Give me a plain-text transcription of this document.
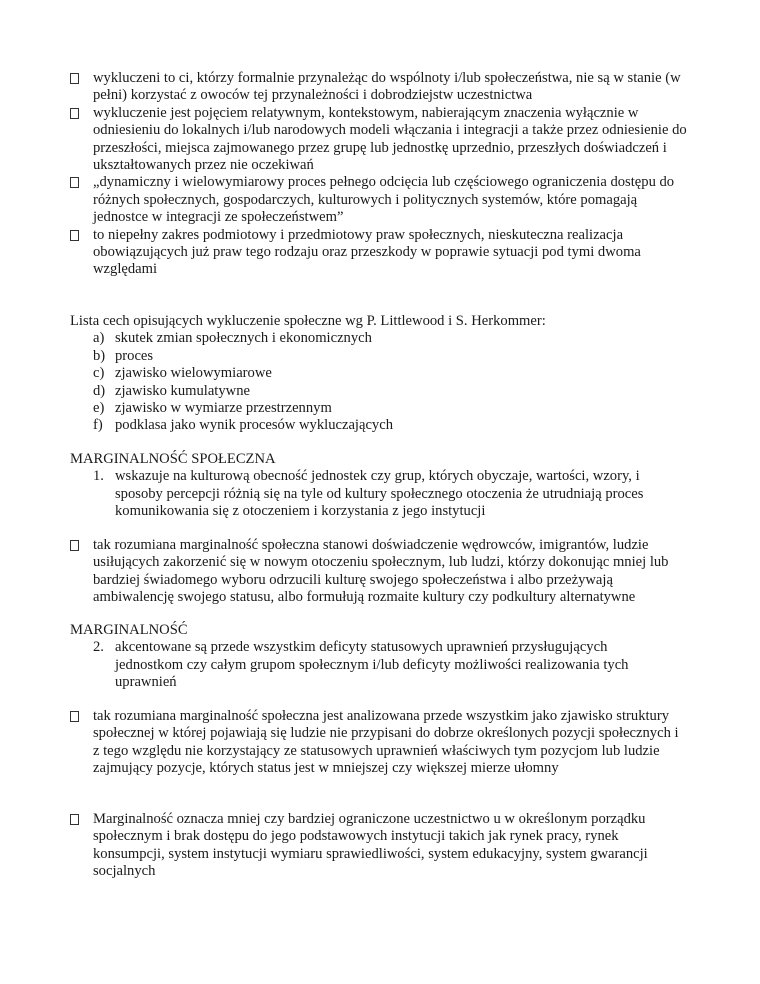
wykluczeni to ci, którzy formalnie przynależąc do wspólnoty i/lub społeczeństwa, nie są w stanie (w pełni) korzystać z owoców tej przynależności i dobrodziejstw uczestnictwa
wykluczenie jest pojęciem relatywnym, kontekstowym, nabierającym znaczenia wyłącznie w odniesieniu do lokalnych i/lub narodowych modeli włączania i integracji a także przez odniesienie do przeszłości, miejsca zajmowanego przez grupę lub jednostkę uprzednio, przeszłych doświadczeń i ukształtowanych przez nie oczekiwań
„dynamiczny i wielowymiarowy proces pełnego odcięcia lub częściowego ograniczenia dostępu do różnych społecznych, gospodarczych, kulturowych i politycznych systemów, które pomagają jednostce w integracji ze społeczeństwem”
to niepełny zakres podmiotowy i przedmiotowy praw społecznych, nieskuteczna realizacja obowiązujących już praw tego rodzaju oraz przeszkody w poprawie sytuacji pod tymi dwoma względami
Lista cech opisujących wykluczenie społeczne wg P. Littlewood i S. Herkommer:
a) skutek zmian społecznych i ekonomicznych
b) proces
c) zjawisko wielowymiarowe
d) zjawisko kumulatywne
e) zjawisko w wymiarze przestrzennym
f) podklasa jako wynik procesów wykluczających
MARGINALNOŚĆ SPOŁECZNA
1. wskazuje na kulturową obecność jednostek czy grup, których obyczaje, wartości, wzory, i sposoby percepcji różnią się na tyle od kultury społecznego otoczenia że utrudniają proces komunikowania się z otoczeniem i korzystania z jego instytucji
tak rozumiana marginalność społeczna stanowi doświadczenie wędrowców, imigrantów, ludzie usiłujących zakorzenić się w nowym otoczeniu społecznym, lub ludzi, którzy dokonując mniej lub bardziej świadomego wyboru odrzucili kulturę swojego społeczeństwa i albo przeżywają ambiwalencję swojego statusu, albo formułują rozmaite kultury czy podkultury alternatywne
MARGINALNOŚĆ
2. akcentowane są przede wszystkim deficyty statusowych uprawnień przysługujących jednostkom czy całym grupom społecznym i/lub deficyty możliwości realizowania tych uprawnień
tak rozumiana marginalność społeczna jest analizowana przede wszystkim jako zjawisko struktury społecznej w której pojawiają się ludzie nie przypisani do dobrze określonych pozycji społecznych i z tego względu nie korzystający ze statusowych uprawnień właściwych tym pozycjom lub ludzie zajmujący pozycje, których status jest w mniejszej czy większej mierze ułomny
Marginalność oznacza mniej czy bardziej ograniczone uczestnictwo u w określonym porządku społecznym i brak dostępu do jego podstawowych instytucji takich jak rynek pracy, rynek konsumpcji, system instytucji wymiaru sprawiedliwości, system edukacyjny, system gwarancji socjalnych
